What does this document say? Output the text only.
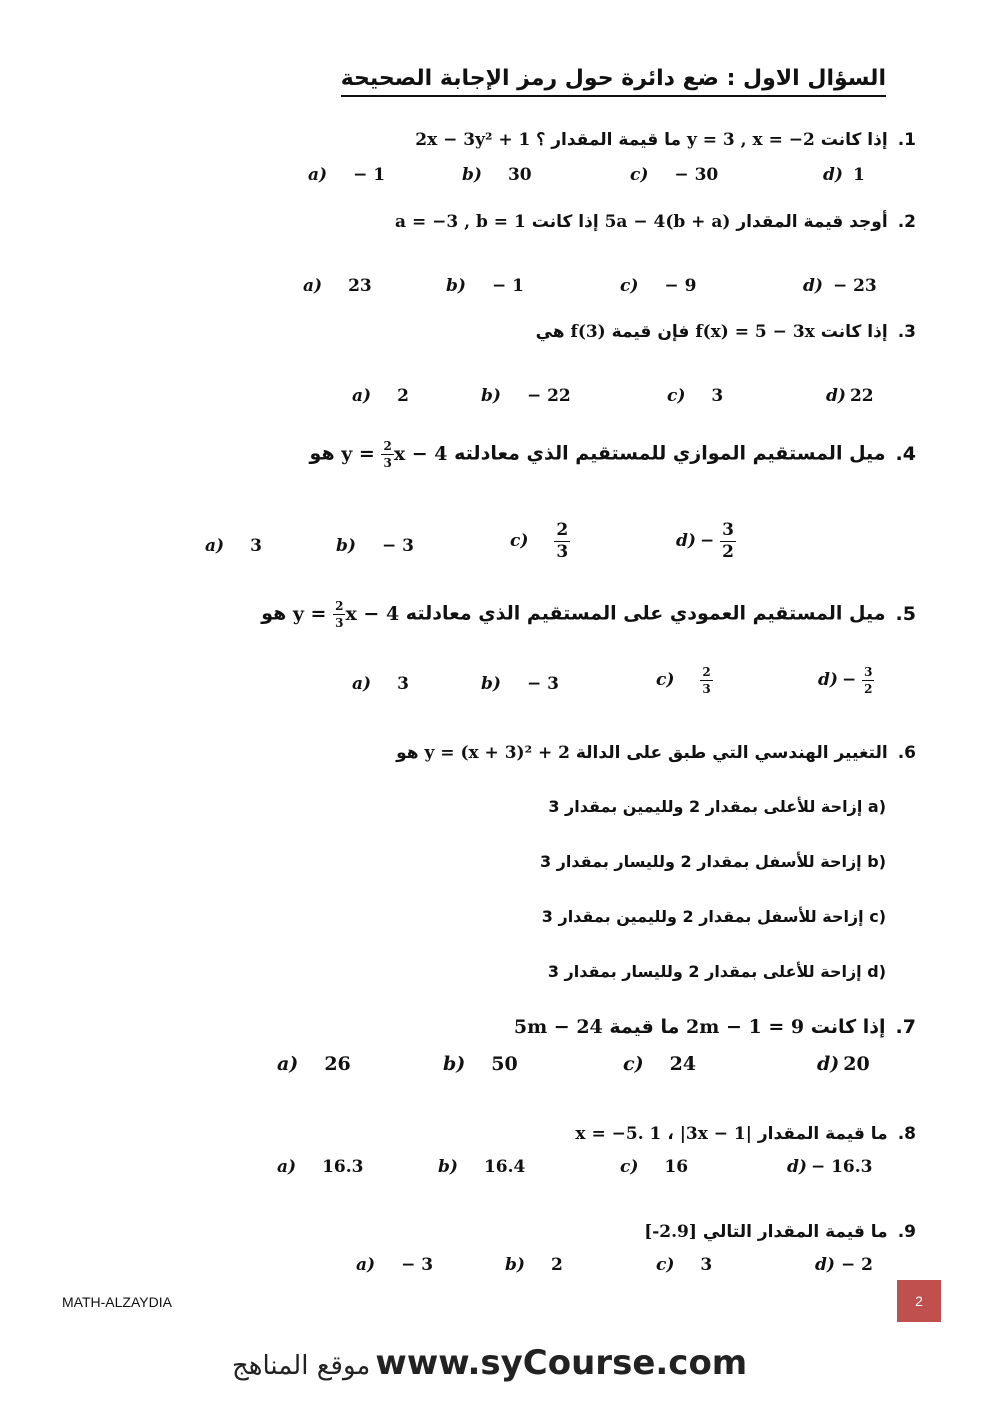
السؤال الاول : ضع دائرة حول رمز الإجابة الصحيحة
1.إذا كانت y = 3 , x = −2 ما قيمة المقدار 2x − 3y² + 1 ؟
a) − 1	b) 30	c) − 30	d) 1
2.أوجد قيمة المقدار 5a − 4(b + a) إذا كانت a = −3 , b = 1
a) 23	b) − 1	c) − 9	d) − 23
3.إذا كانت f(x) = 5 − 3x فإن قيمة f(3) هي
a) 2	b) − 22	c) 3	d) 22
4.ميل المستقيم الموازي للمستقيم الذي معادلته $y = \frac{2}{3}$ x − 4 هو
a) 3	b) − 3	$c) \frac{2}{3}$	$d) - \frac{3}{2}$
5.ميل المستقيم العمودي على المستقيم الذي معادلته $y = \frac{2}{3}$ x − 4 هو
a) 3	b) − 3	$c) \frac{2}{3}$	$d) - \frac{3}{2}$
6.التغيير الهندسي التي طبق على الدالة y = (x + 3)² + 2 هو
a) إزاحة للأعلى بمقدار 2 ولليمين بمقدار 3
b) إزاحة للأسفل بمقدار 2 ولليسار بمقدار 3
c) إزاحة للأسفل بمقدار 2 ولليمين بمقدار 3
d) إزاحة للأعلى بمقدار 2 ولليسار بمقدار 3
7.إذا كانت 2m − 1 = 9 ما قيمة 5m − 24
a) 26	b) 50	c) 24	d) 20
8.ما قيمة المقدار |3x − 1| ، x = −5. 1
a) 16.3	b) 16.4	c) 16	d) − 16.3
9.ما قيمة المقدار التالي [-2.9]
a) − 3	b) 2	c) 3	d) − 2
MATH-ALZAYDIA	2
موقع المناهج www.syCourse.com
